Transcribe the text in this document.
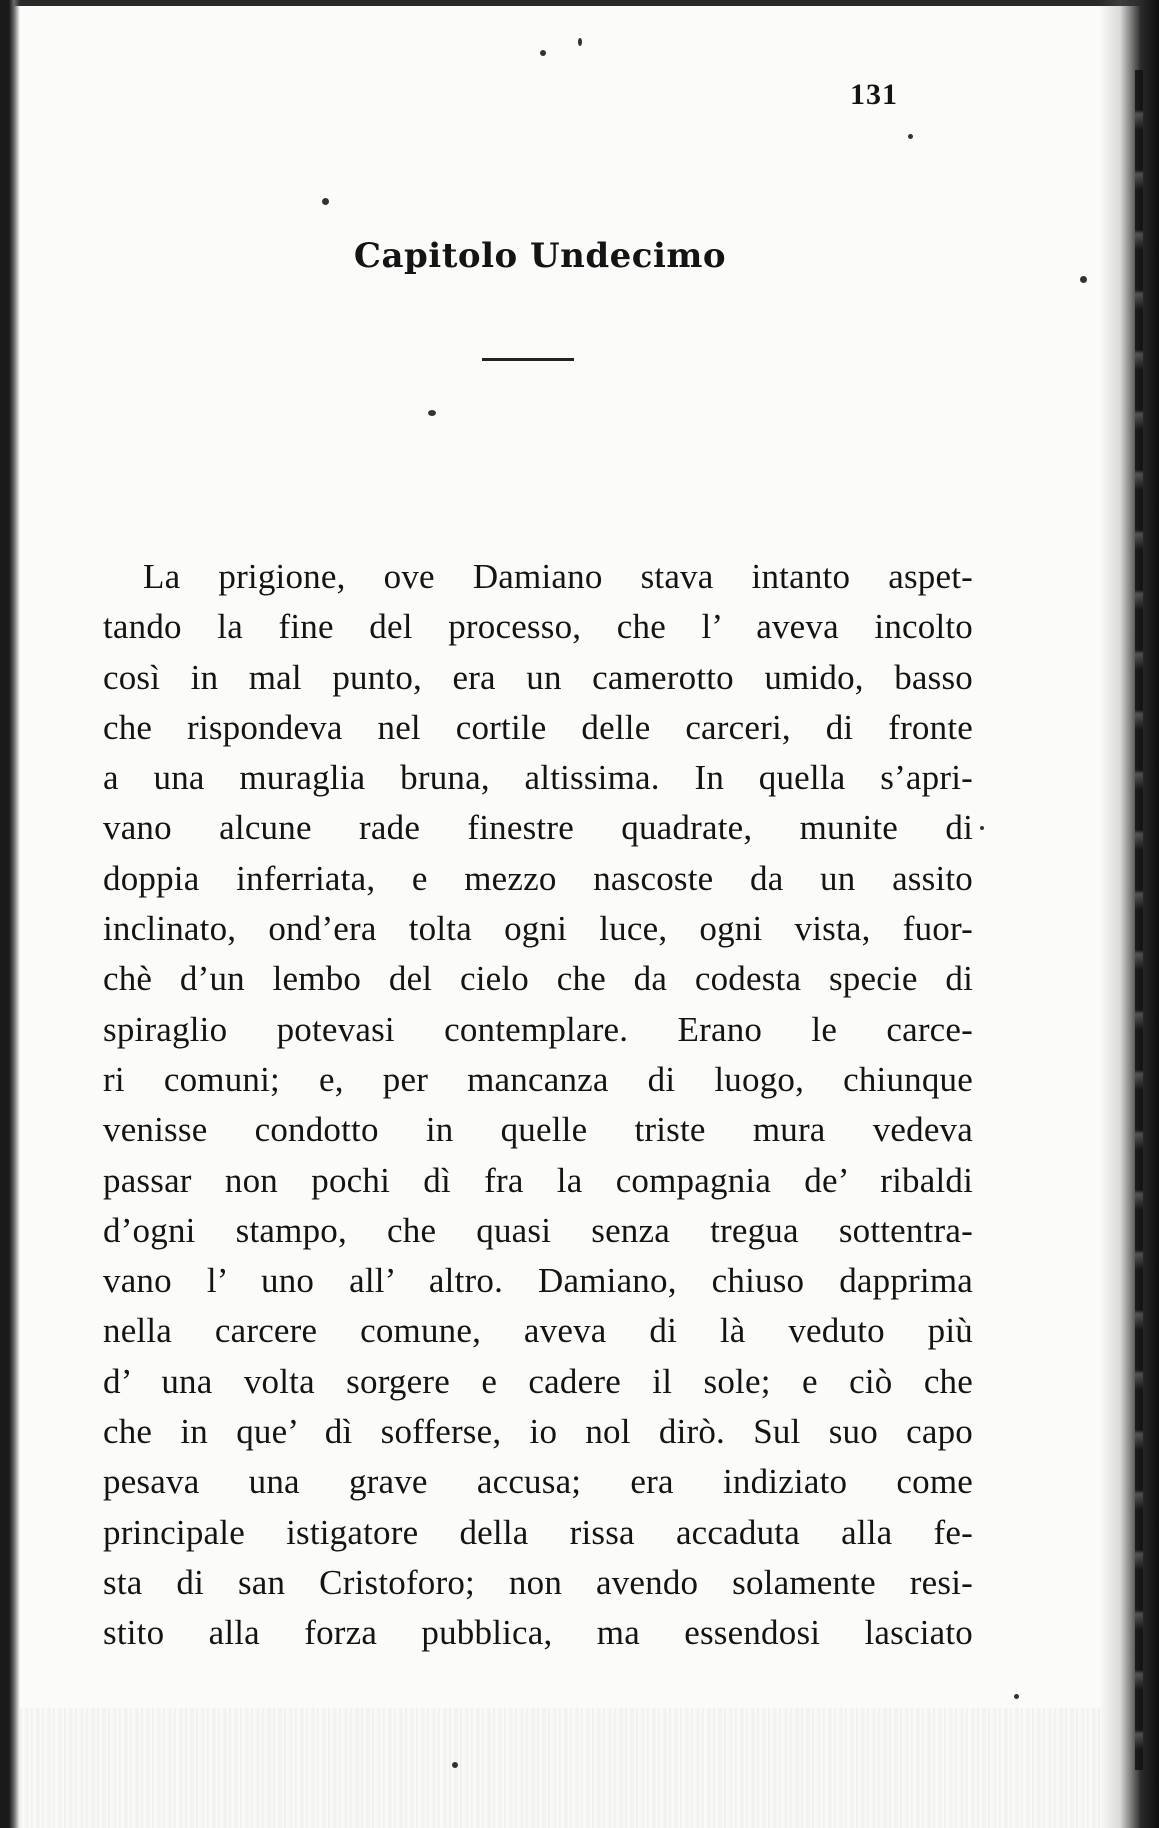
131
Capitolo Undecimo
La prigione, ove Damiano stava intanto aspet-
tando la fine del processo, che l’ aveva incolto
così in mal punto, era un camerotto umido, basso
che rispondeva nel cortile delle carceri, di fronte
a una muraglia bruna, altissima. In quella s’apri-
vano alcune rade finestre quadrate, munite di
doppia inferriata, e mezzo nascoste da un assito
inclinato, ond’era tolta ogni luce, ogni vista, fuor-
chè d’un lembo del cielo che da codesta specie di
spiraglio potevasi contemplare. Erano le carce-
ri comuni; e, per mancanza di luogo, chiunque
venisse condotto in quelle triste mura vedeva
passar non pochi dì fra la compagnia de’ ribaldi
d’ogni stampo, che quasi senza tregua sottentra-
vano l’ uno all’ altro. Damiano, chiuso dapprima
nella carcere comune, aveva di là veduto più
d’ una volta sorgere e cadere il sole; e ciò che
che in que’ dì sofferse, io nol dirò. Sul suo capo
pesava una grave accusa; era indiziato come
principale istigatore della rissa accaduta alla fe-
sta di san Cristoforo; non avendo solamente resi-
stito alla forza pubblica, ma essendosi lasciato
